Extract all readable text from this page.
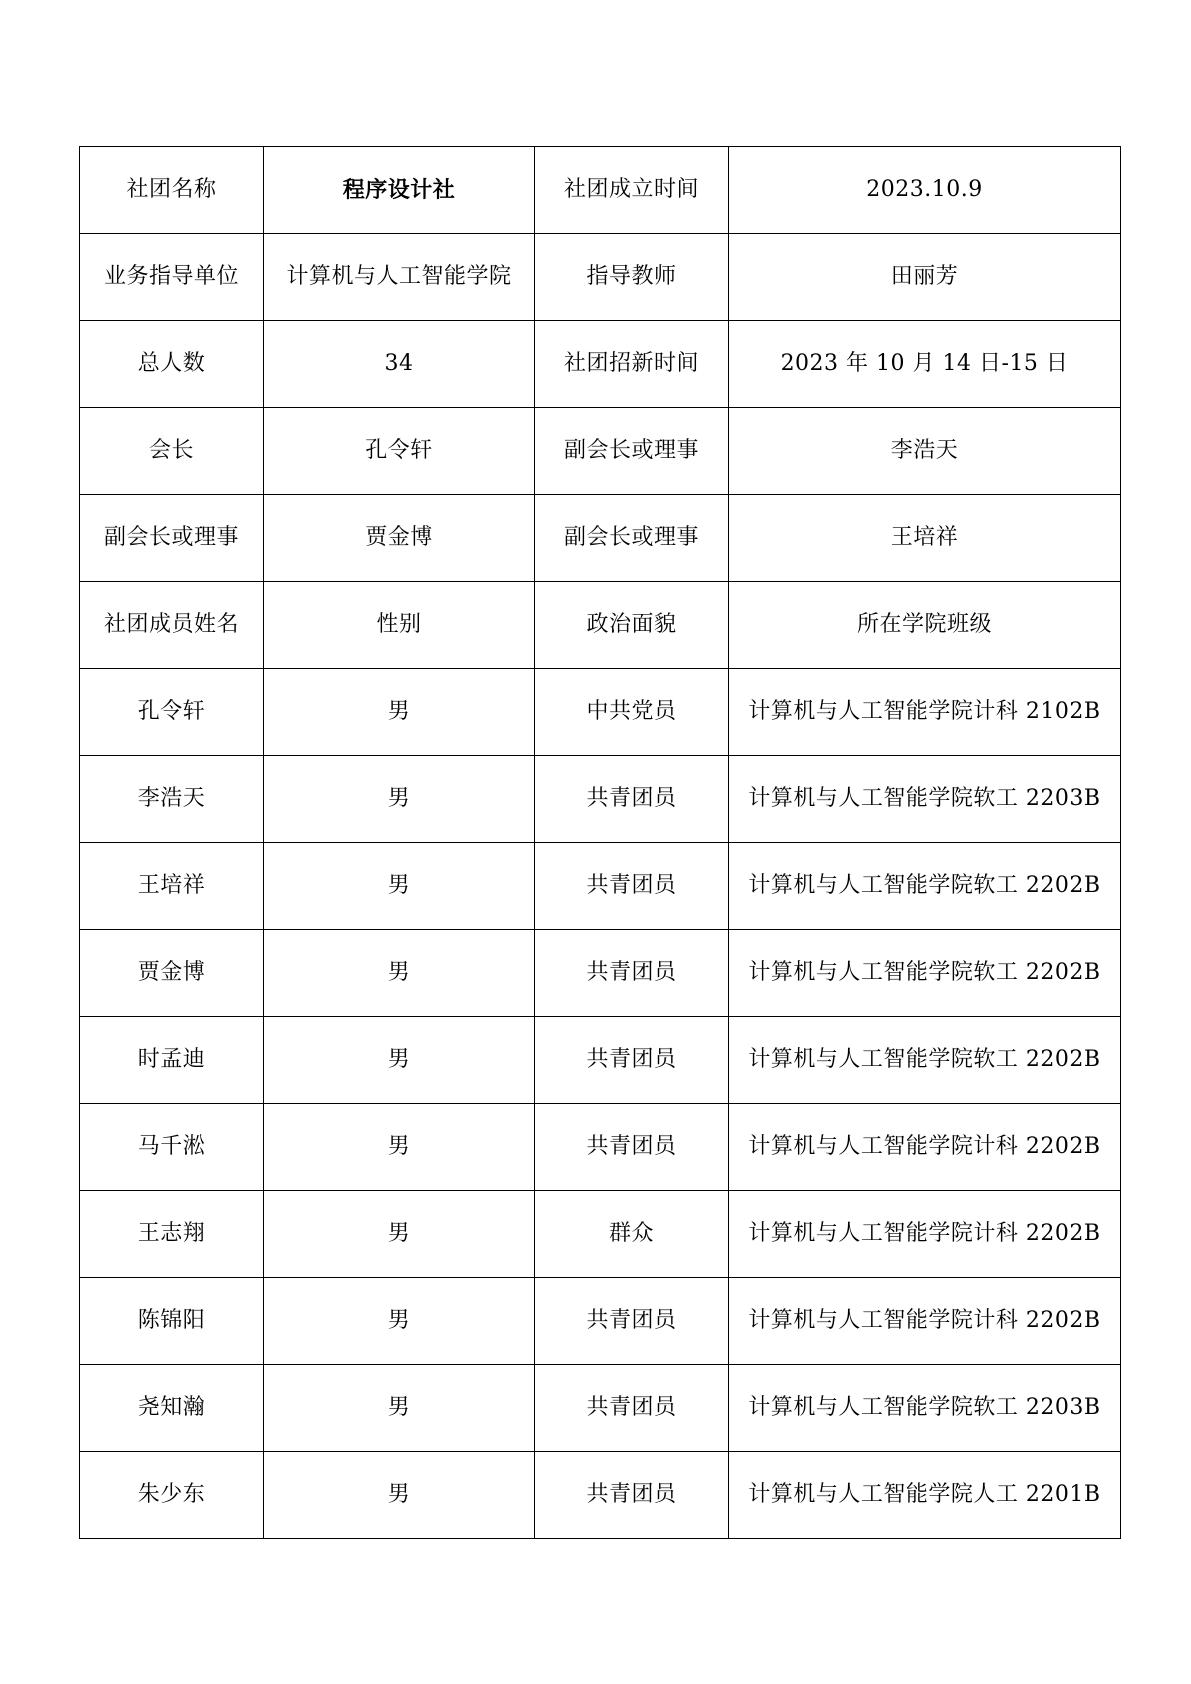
社团名称	程序设计社	社团成立时间	2023.10.9
业务指导单位	计算机与人工智能学院	指导教师	田丽芳
总人数	34	社团招新时间	2023 年 10 月 14 日-15 日
会长	孔令轩	副会长或理事	李浩天
副会长或理事	贾金博	副会长或理事	王培祥
社团成员姓名	性别	政治面貌	所在学院班级
孔令轩	男	中共党员	计算机与人工智能学院计科 2102B
李浩天	男	共青团员	计算机与人工智能学院软工 2203B
王培祥	男	共青团员	计算机与人工智能学院软工 2202B
贾金博	男	共青团员	计算机与人工智能学院软工 2202B
时孟迪	男	共青团员	计算机与人工智能学院软工 2202B
马千淞	男	共青团员	计算机与人工智能学院计科 2202B
王志翔	男	群众	计算机与人工智能学院计科 2202B
陈锦阳	男	共青团员	计算机与人工智能学院计科 2202B
尧知瀚	男	共青团员	计算机与人工智能学院软工 2203B
朱少东	男	共青团员	计算机与人工智能学院人工 2201B
